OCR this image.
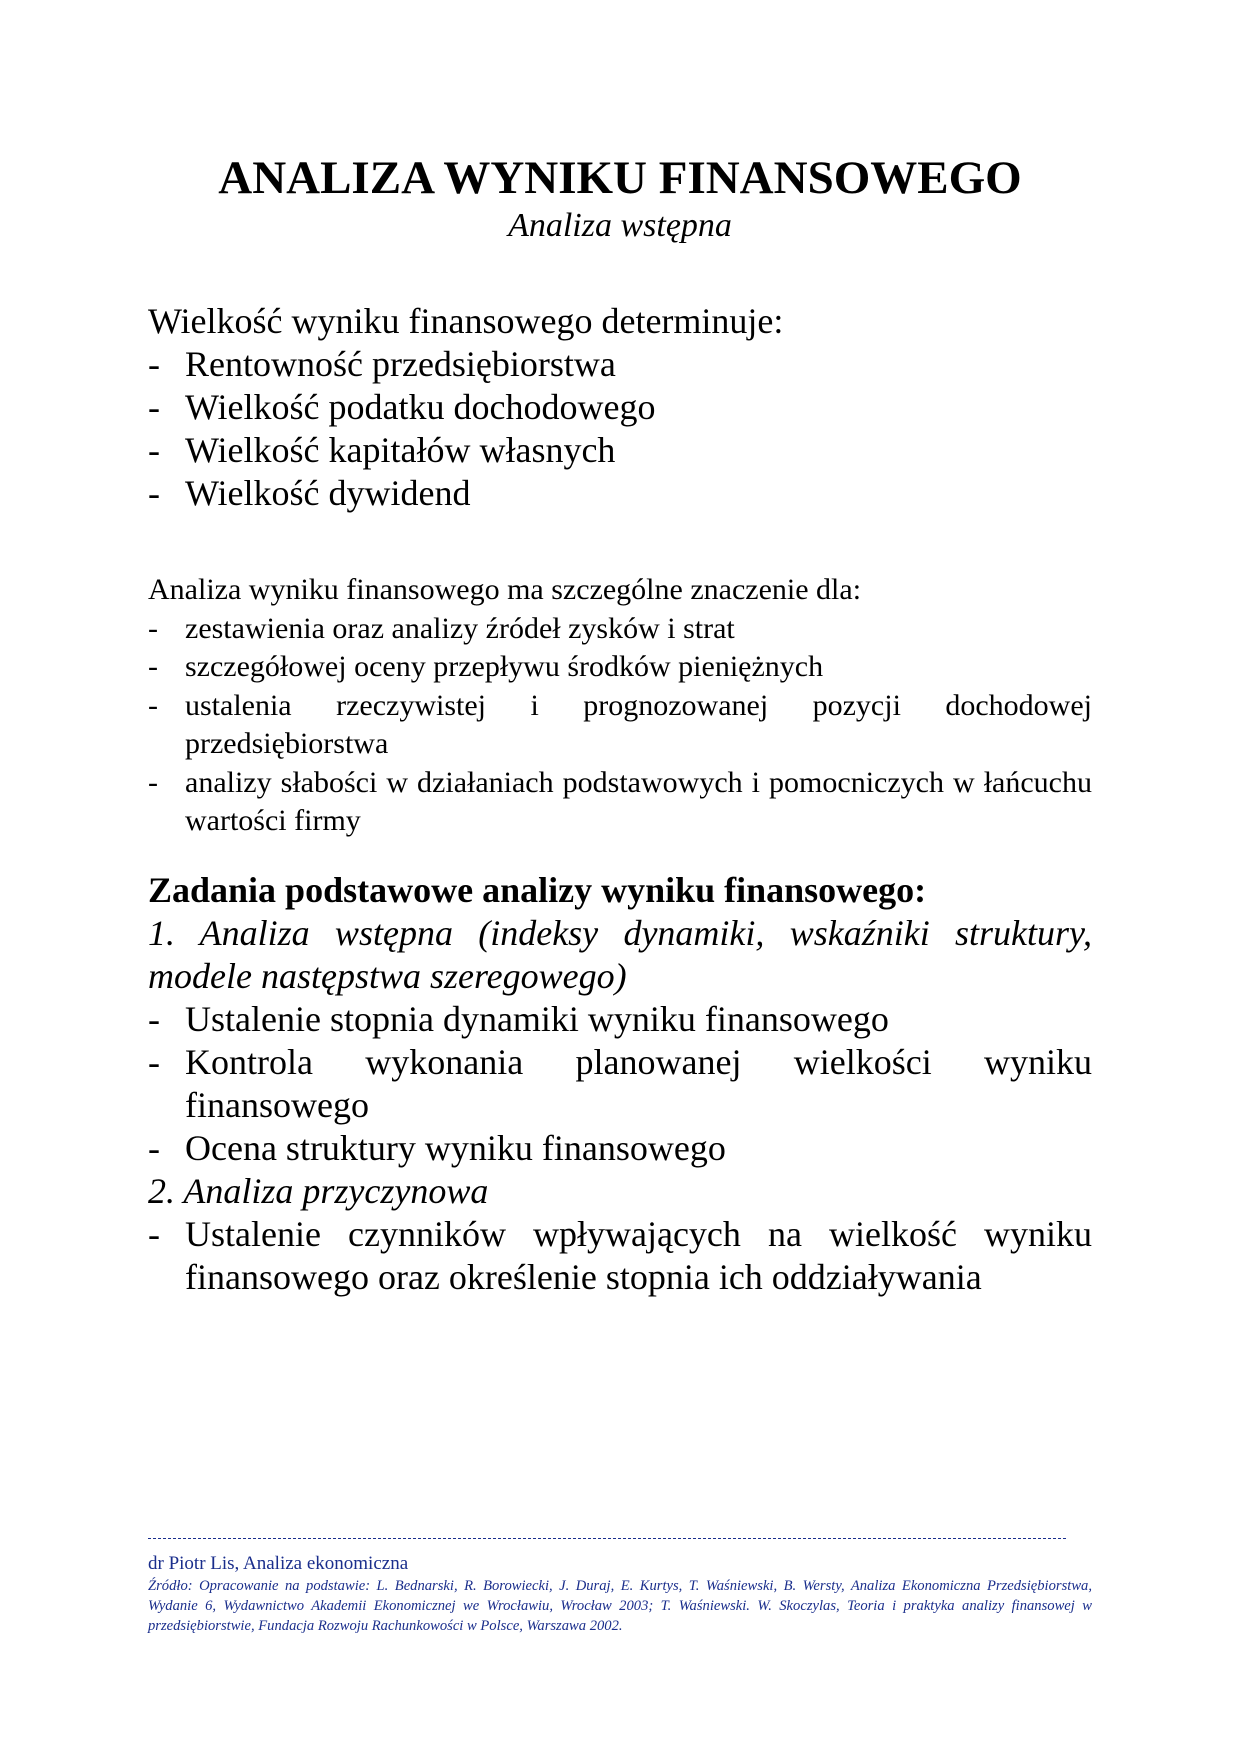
ANALIZA WYNIKU FINANSOWEGO
Analiza wstępna

Wielkość wyniku finansowego determinuje:

- Rentowność przedsiębiorstwa
- Wielkość podatku dochodowego
- Wielkość kapitałów własnych
- Wielkość dywidend

Analiza wyniku finansowego ma szczególne znaczenie dla:

- zestawienia oraz analizy źródeł zysków i strat
- szczegółowej oceny przepływu środków pieniężnych
- ustalenia rzeczywistej i prognozowanej pozycji dochodowej przedsiębiorstwa
- analizy słabości w działaniach podstawowych i pomocniczych w łańcuchu wartości firmy

Zadania podstawowe analizy wyniku finansowego:

1. Analiza wstępna (indeksy dynamiki, wskaźniki struktury, modele następstwa szeregowego)

- Ustalenie stopnia dynamiki wyniku finansowego
- Kontrola wykonania planowanej wielkości wyniku finansowego
- Ocena struktury wyniku finansowego

2. Analiza przyczynowa

- Ustalenie czynników wpływających na wielkość wyniku finansowego oraz określenie stopnia ich oddziaływania
dr Piotr Lis, Analiza ekonomiczna
Źródło: Opracowanie na podstawie: L. Bednarski, R. Borowiecki, J. Duraj, E. Kurtys, T. Waśniewski, B. Wersty, Analiza Ekonomiczna Przedsiębiorstwa, Wydanie 6, Wydawnictwo Akademii Ekonomicznej we Wrocławiu, Wrocław 2003; T. Waśniewski. W. Skoczylas, Teoria i praktyka analizy finansowej w przedsiębiorstwie, Fundacja Rozwoju Rachunkowości w Polsce, Warszawa 2002.
